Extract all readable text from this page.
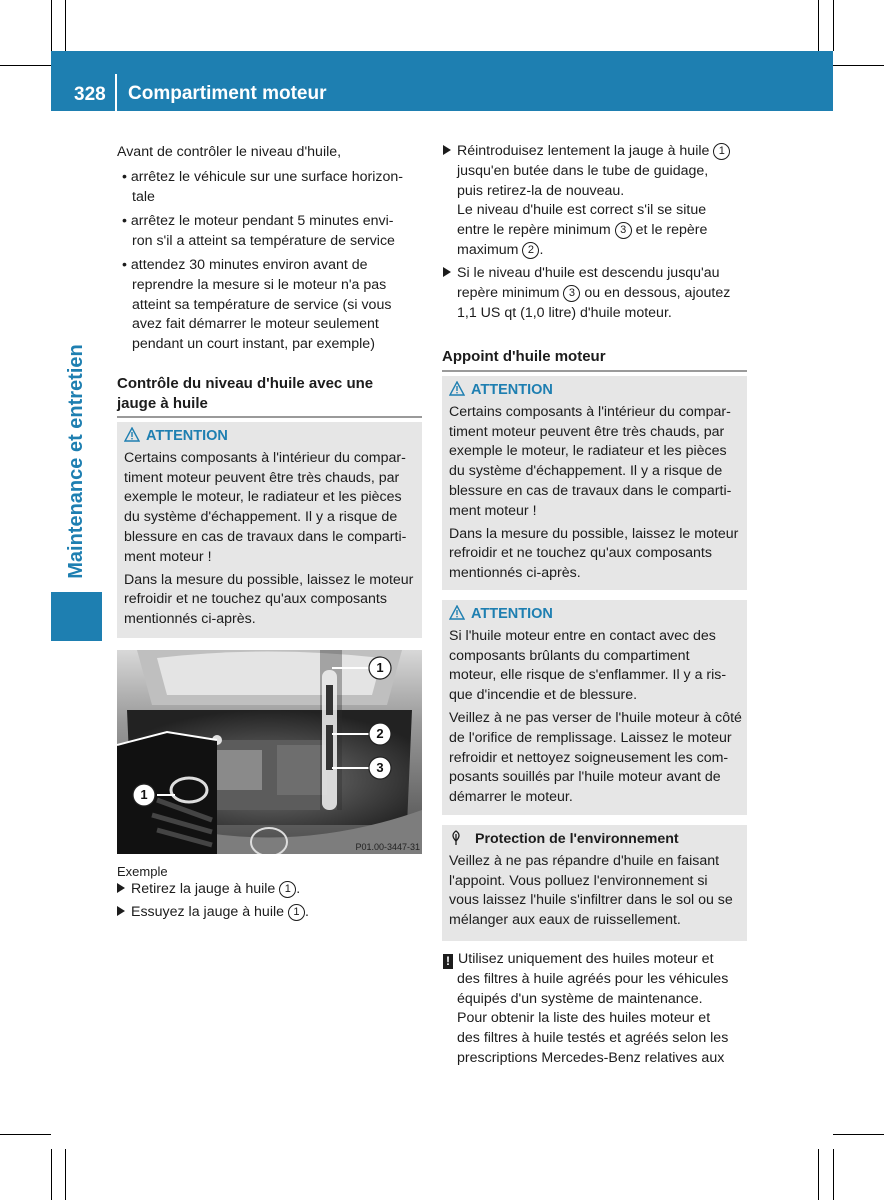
328 Compartiment moteur
Maintenance et entretien
Avant de contrôler le niveau d'huile,
• arrêtez le véhicule sur une surface horizon-
tale
• arrêtez le moteur pendant 5 minutes envi-
ron s'il a atteint sa température de service
• attendez 30 minutes environ avant de
reprendre la mesure si le moteur n'a pas
atteint sa température de service (si vous
avez fait démarrer le moteur seulement
pendant un court instant, par exemple)
Contrôle du niveau d'huile avec une
jauge à huile
ATTENTION
Certains composants à l'intérieur du compar-
timent moteur peuvent être très chauds, par
exemple le moteur, le radiateur et les pièces
du système d'échappement. Il y a risque de
blessure en cas de travaux dans le comparti-
ment moteur !
Dans la mesure du possible, laissez le moteur
refroidir et ne touchez qu'aux composants
mentionnés ci-après.
1
2
3
1
P01.00-3447-31
Exemple
Retirez la jauge à huile 1 .
Essuyez la jauge à huile 1 .
Réintroduisez lentement la jauge à huile 1
jusqu'en butée dans le tube de guidage,
puis retirez-la de nouveau.
Le niveau d'huile est correct s'il se situe
entre le repère minimum 3 et le repère
maximum 2 .
Si le niveau d'huile est descendu jusqu'au
repère minimum 3 ou en dessous, ajoutez
1,1 US qt (1,0 litre) d'huile moteur.
Appoint d'huile moteur
ATTENTION
Certains composants à l'intérieur du compar-
timent moteur peuvent être très chauds, par
exemple le moteur, le radiateur et les pièces
du système d'échappement. Il y a risque de
blessure en cas de travaux dans le comparti-
ment moteur !
Dans la mesure du possible, laissez le moteur
refroidir et ne touchez qu'aux composants
mentionnés ci-après.
ATTENTION
Si l'huile moteur entre en contact avec des
composants brûlants du compartiment
moteur, elle risque de s'enflammer. Il y a ris-
que d'incendie et de blessure.
Veillez à ne pas verser de l'huile moteur à côté
de l'orifice de remplissage. Laissez le moteur
refroidir et nettoyez soigneusement les com-
posants souillés par l'huile moteur avant de
démarrer le moteur.
Protection de l'environnement
Veillez à ne pas répandre d'huile en faisant
l'appoint. Vous polluez l'environnement si
vous laissez l'huile s'infiltrer dans le sol ou se
mélanger aux eaux de ruissellement.
! Utilisez uniquement des huiles moteur et
des filtres à huile agréés pour les véhicules
équipés d'un système de maintenance.
Pour obtenir la liste des huiles moteur et
des filtres à huile testés et agréés selon les
prescriptions Mercedes-Benz relatives aux
